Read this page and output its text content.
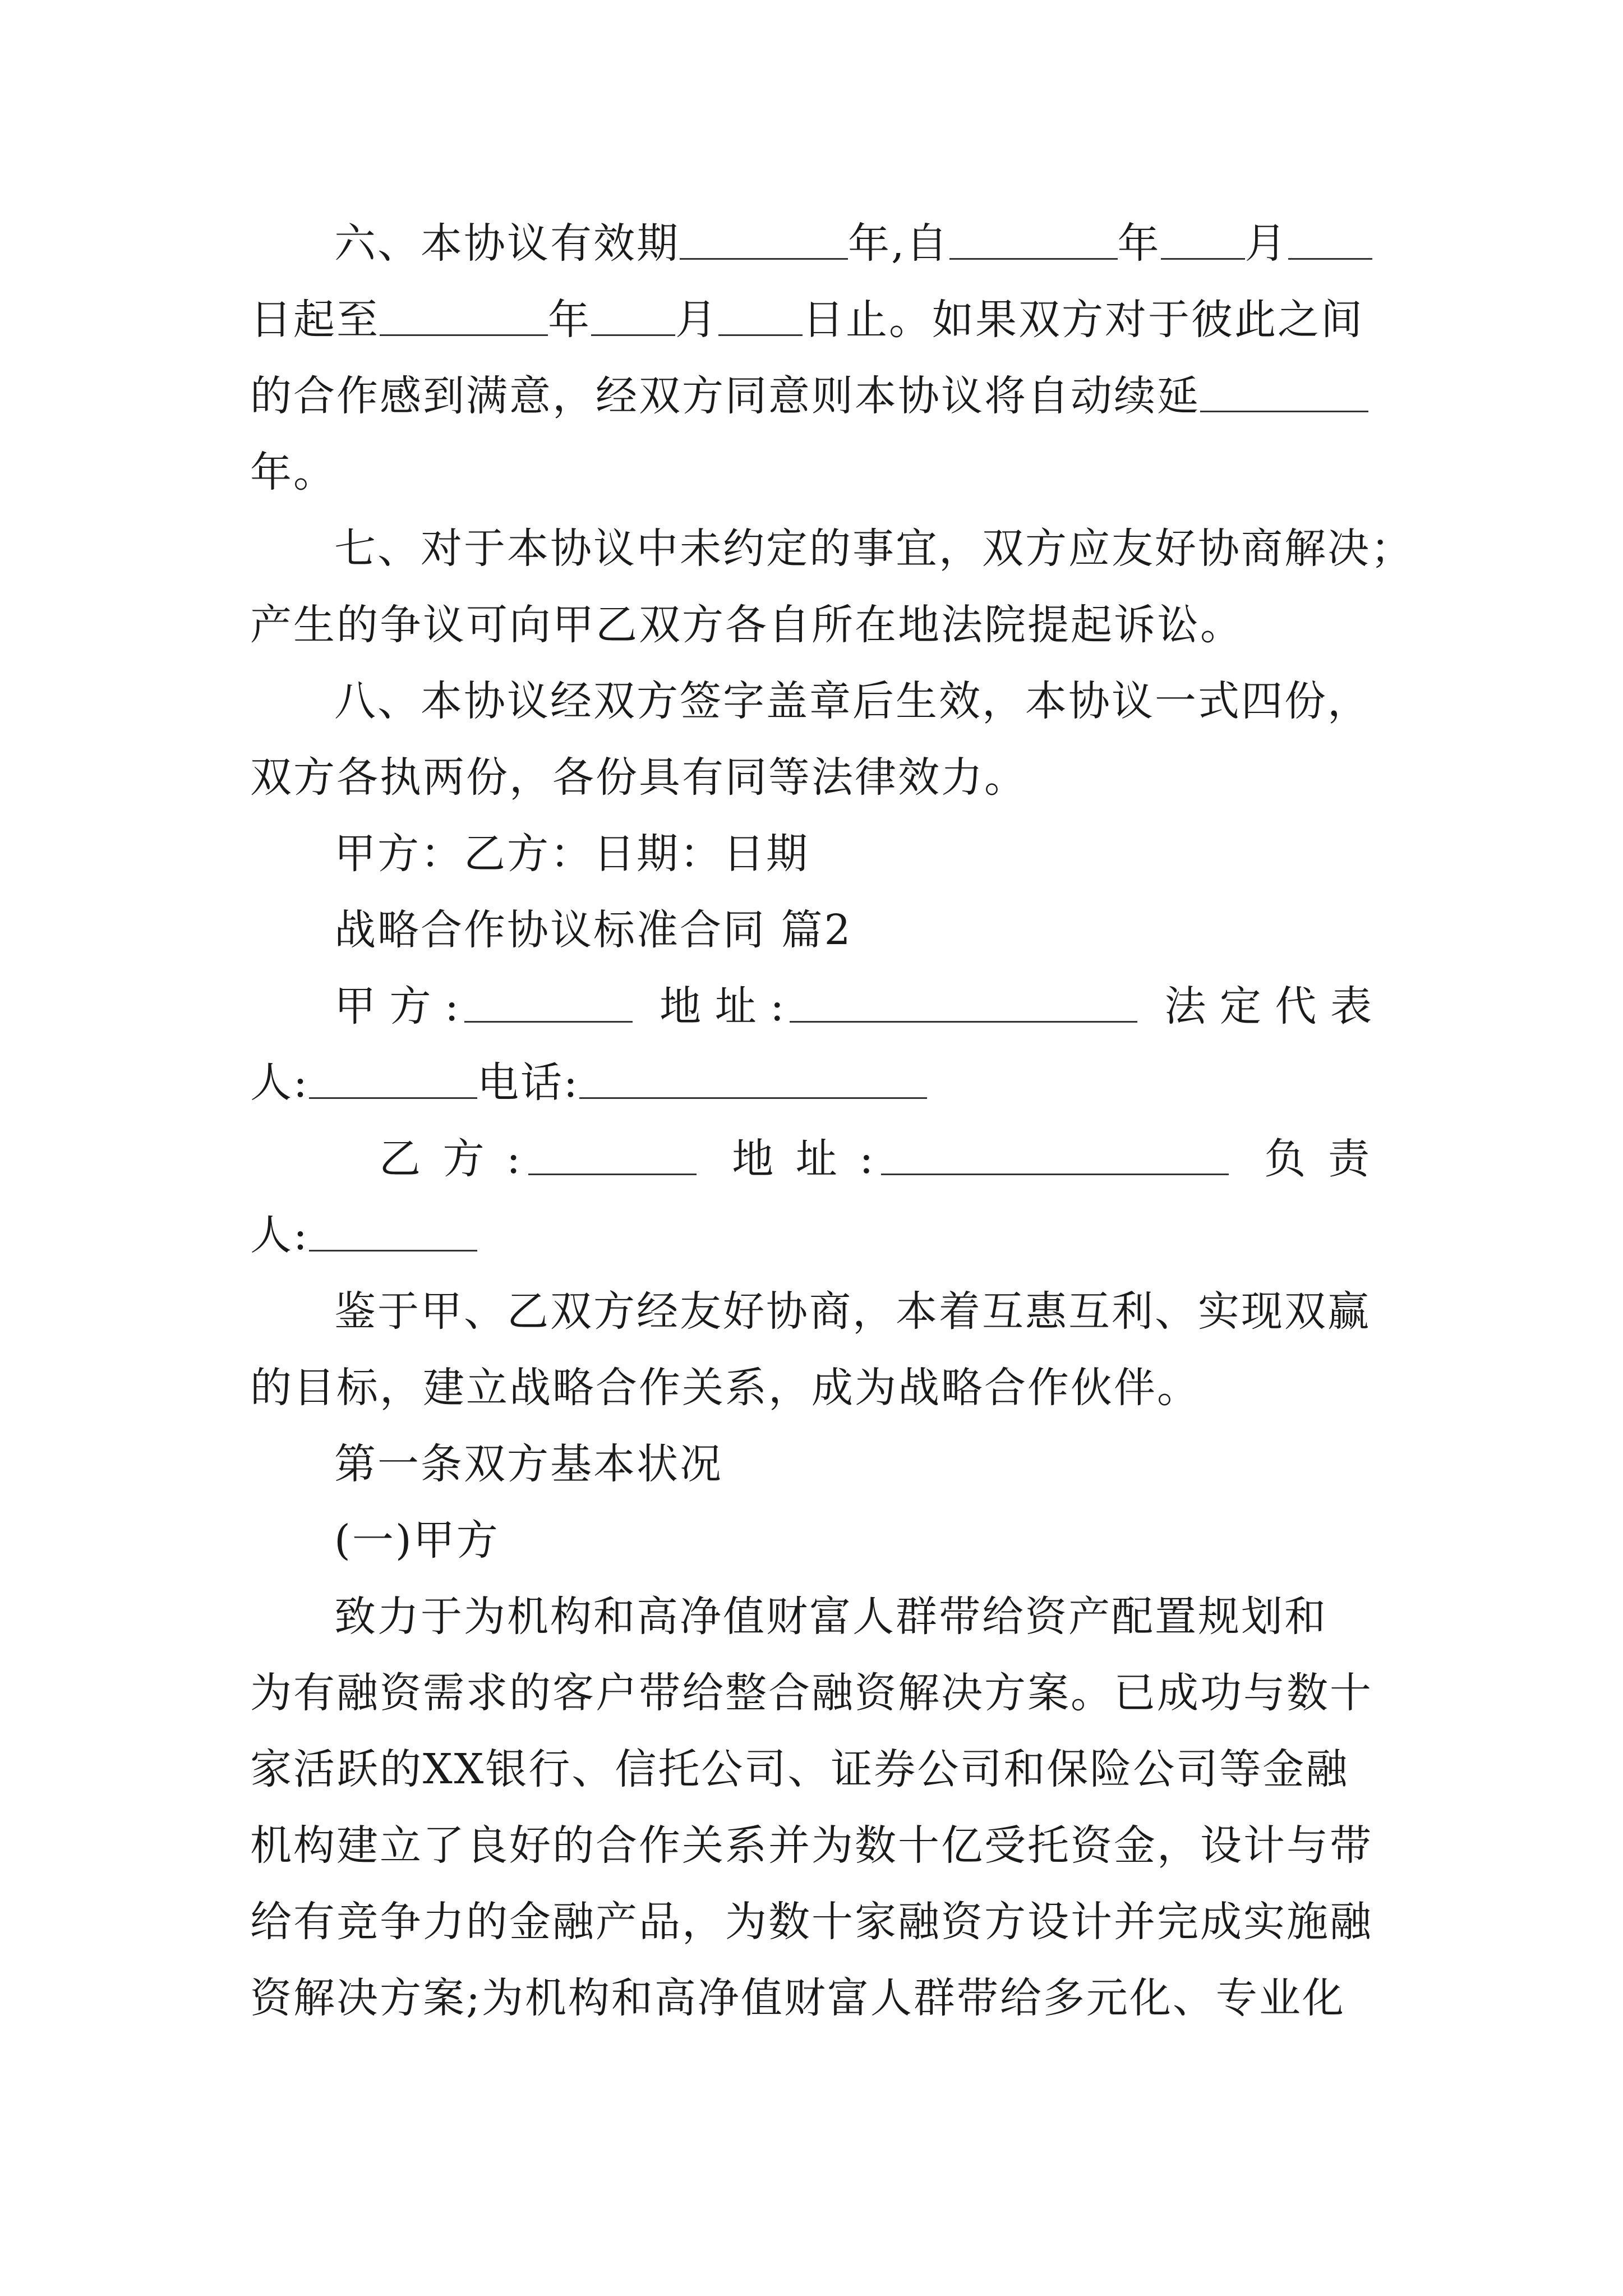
六、本协议有效期	年,自	年 月
日起至	年 月 日止。如果双方对于彼此之间
的合作感到满意，经双方同意则本协议将自动续延
年。
七、对于本协议中未约定的事宜，双方应友好协商解决；
产生的争议可向甲乙双方各自所在地法院提起诉讼。
八、本协议经双方签字盖章后生效，本协议一式四份，
双方各执两份，各份具有同等法律效力。
甲方：乙方：日期：日期
战略合作协议标准合同 篇2
甲方:	地址:	法定代表
人:	电话:
乙方:	地址:	负责
人:
鉴于甲、乙双方经友好协商，本着互惠互利、实现双赢
的目标，建立战略合作关系，成为战略合作伙伴。
第一条双方基本状况
(一)甲方
致力于为机构和高净值财富人群带给资产配置规划和
为有融资需求的客户带给整合融资解决方案。已成功与数十
家活跃的XX银行、信托公司、证券公司和保险公司等金融
机构建立了良好的合作关系并为数十亿受托资金，设计与带
给有竞争力的金融产品，为数十家融资方设计并完成实施融
资解决方案;为机构和高净值财富人群带给多元化、专业化
